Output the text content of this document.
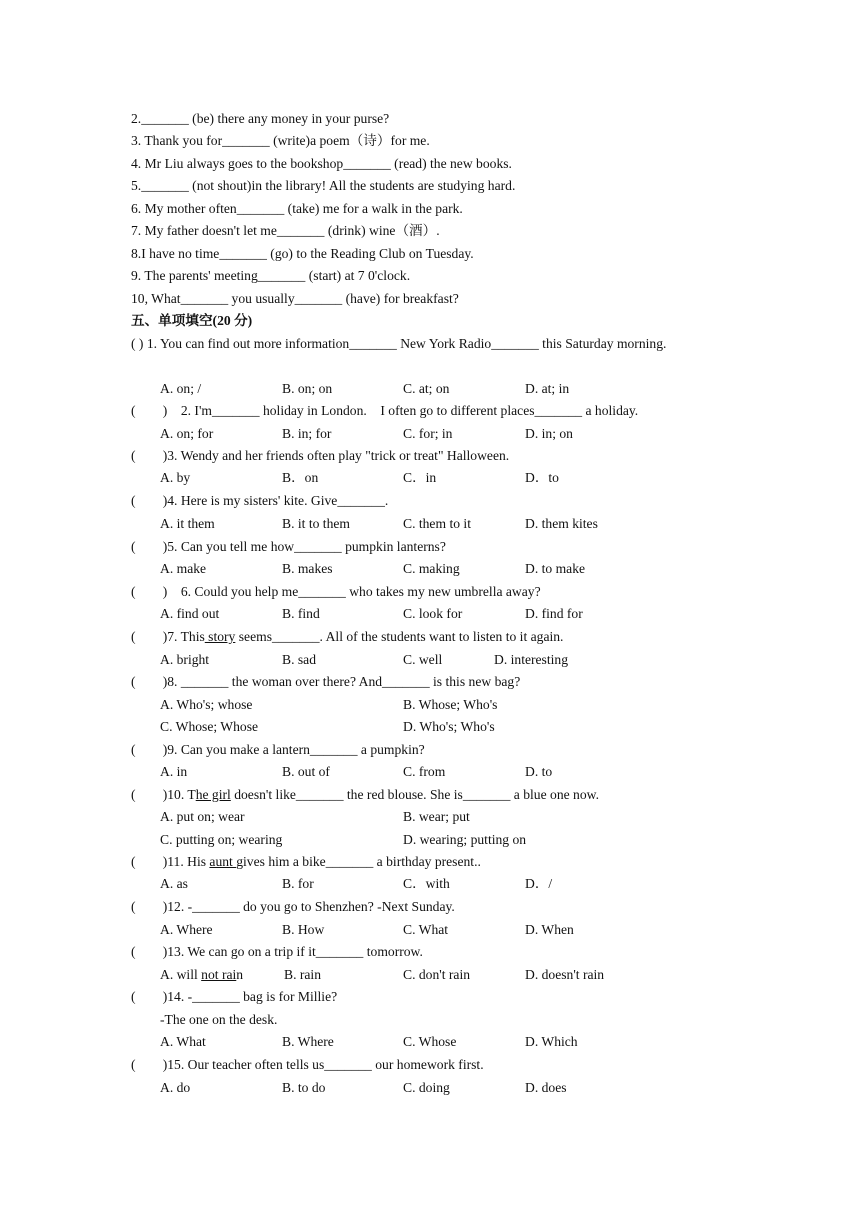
2._______ (be) there any money in your purse?
3. Thank you for_______ (write)a poem（诗）for me.
4. Mr Liu always goes to the bookshop_______ (read) the new books.
5._______ (not shout)in the library! All the students are studying hard.
6. My mother often_______ (take) me for a walk in the park.
7. My father doesn't let me_______ (drink) wine（酒）.
8.I have no time_______ (go) to the Reading Club on Tuesday.
9. The parents' meeting_______ (start) at 7 0'clock.
10, What_______ you usually_______ (have) for breakfast?
五、单项填空(20 分)
( ) 1. You can find out more information_______ New York Radio_______ this Saturday morning.
A. on; /	B. on; on	C. at; on	D. at; in
(        )    2. I'm_______ holiday in London.    I often go to different places_______ a holiday.
A. on; for	B. in; for	C. for; in	D. in; on
(        )3. Wendy and her friends often play "trick or treat" Halloween.
A. by	B．on	C．in	D．to
(        )4. Here is my sisters' kite. Give_______.
A. it them	B. it to them	C. them to it	D. them kites
(        )5. Can you tell me how_______ pumpkin lanterns?
A. make	B. makes	C. making	D. to make
(        )    6. Could you help me_______ who takes my new umbrella away?
A. find out	B. find	C. look for	D. find for
(        )7. This story seems_______. All of the students want to listen to it again.
A. bright	B. sad	C. well	D. interesting
(        )8. _______ the woman over there? And_______ is this new bag?
A. Who's; whose	B. Whose; Who's
C. Whose; Whose	D. Who's; Who's
(        )9. Can you make a lantern_______ a pumpkin?
A. in	B. out of	C. from	D. to
(        )10. The girl doesn't like_______ the red blouse. She is_______ a blue one now.
A. put on; wear	B. wear; put
C. putting on; wearing	D. wearing; putting on
(        )11. His aunt gives him a bike_______ a birthday present..
A. as	B. for	C．with	D．/
(        )12. -_______ do you go to Shenzhen? -Next Sunday.
A. Where	B. How	C. What	D. When
(        )13. We can go on a trip if it_______ tomorrow.
A. will not rain	B. rain	C. don't rain	D. doesn't rain
(        )14. -_______ bag is for Millie?
-The one on the desk.
A. What	B. Where	C. Whose	D. Which
(        )15. Our teacher often tells us_______ our homework first.
A. do	B. to do	C. doing	D. does
